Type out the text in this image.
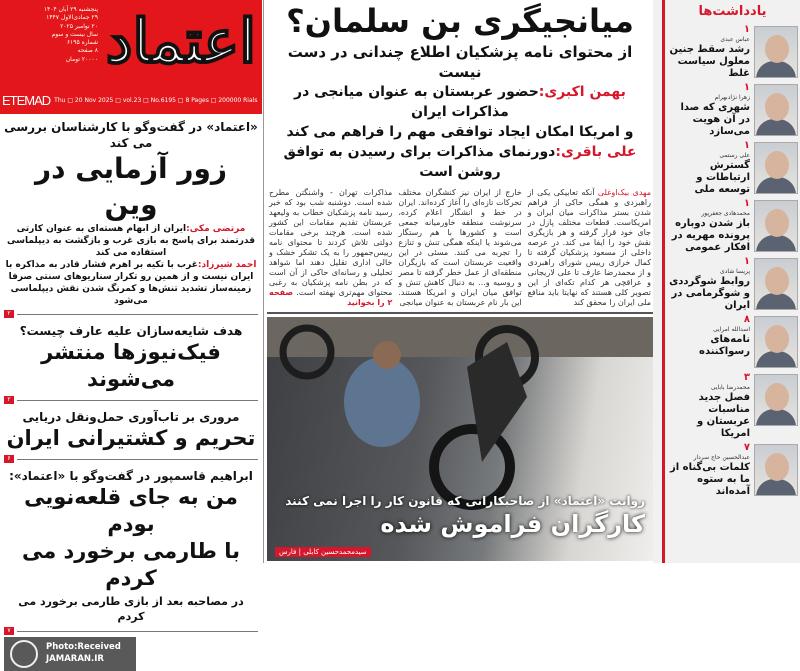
اعتماد
پنجشنبه ۲۹ آبان ۱۴۰۴
۲۹ جمادی‌الاول ۱۴۴۷
۲۰ نوامبر ۲۰۲۵
سال بیست و سوم
شماره ۶۱۹۵
۸ صفحه
۲۰۰۰۰ تومان
ETEMAD Thu □ 20 Nov 2025 □ vol.23 □ No.6195 □ 8 Pages □ 200000 Rials
«اعتماد» در گفت‌وگو با کارشناسان بررسی می کند
زور آزمایی در وین
مرتضی مکی:ایران از ابهام هسته‌ای به عنوان کارتی قدرتمند برای پاسخ به بازی غرب و بازگشت به دیپلماسی استفاده می کند
احمد شیرزاد:غرب با تکیه بر اهرم فشار قادر به مذاکره با ایران نیست و از همین رو تکرار سناریوهای سنتی صرفا زمینه‌ساز تشدید تنش‌ها و کمرنگ شدن نقش دیپلماسی می‌شود
۲
هدف شایعه‌سازان علیه عارف چیست؟
فیک‌نیوزها منتشر می‌شوند
۲
مروری بر تاب‌آوری حمل‌ونقل دریایی
تحریم و کشتیرانی ایران
۶
ابراهیم قاسمپور در گفت‌وگو با «اعتماد»:
من به جای قلعه‌نویی بودم
با طارمی برخورد می کردم
در مصاحبه بعد از بازی طارمی برخورد می کردم
۷
Photo:Received
JAMARAN.IR
میانجیگری بن سلمان؟
از محتوای نامه پزشکیان اطلاع چندانی در دست نیست
بهمن اکبری:حضور عربستان به عنوان میانجی در مذاکرات ایران
و امریکا امکان ایجاد توافقی مهم را فراهم می کند
علی باقری:دورنمای مذاکرات برای رسیدن به توافق روشن است
مهدی بیک‌اوغلی آنکه تعابیکی یکی از راهبردی و همگی حاکی از فراهم شدن بستر مذاکرات میان ایران و امریکاست. قطعات مختلف پازل در جای خود قرار گرفته و هر بازیگری نقش خود را ایفا می کند. در عرصه داخلی از مسعود پزشکیان گرفته تا کمال خرازی رییس شورای راهبردی و از محمدرضا عارف تا علی لاریجانی و عراقچی هر کدام تکه‌ای از این تصویر کلی هستند که نهایتا باید منافع ملی ایران را محقق کند
خارج از ایران نیز کنشگران مختلف تحرکات تازه‌ای را آغاز کرده‌اند. ایران در خط و انشگار اعلام کرده، سرنوشت منطقه خاورمیانه جمعی است و کشورها با هم رستگار می‌شوند یا اینکه همگی تنش و تنازع را تجربه می کنند. مسئی در این واقعیت عربستان است که بازیگران منطقه‌ای از عمل خطر گرفته تا مصر و روسیه و... به دنبال کاهش تنش و توافق میان ایران و امریکا هستند. این بار نام عربستان به عنوان میانجی
مذاکرات تهران - واشنگتن مطرح شده است. دوشنبه شب بود که خبر رسید نامه پزشکیان خطاب به ولیعهد عربستان تقدیم مقامات این کشور شده است. هرچند برخی مقامات دولتی تلاش کردند تا محتوای نامه رییس‌جمهور را به یک تشکر خشک و خالی اداری تقلیل دهند اما شواهد تحلیلی و رسانه‌ای حاکی از آن است که در بطن نامه پزشکیان به رغبی محتوای مهم‌تری نهفته است. صفحه ۲ را بخوانید
روایت «اعتماد» از صاحبکارانی که قانون کار را اجرا نمی کنند
کارگران فراموش شده
سیدمحمدحسین کابلی | فارس
یادداشت‌ها
۱
عباس عبدی
رشد سقط جنین معلول سیاست غلط
۱
زهرا نژادبهرام
شهری که صدا در آن هویت می‌سازد
۱
علی رستمی
گسترش ارتباطات و توسعه ملی
۱
محمدهادی جعفرپور
باز شدن دوباره پرونده مهریه در افکار عمومی
۱
پریسا شادی
روابط شوگرددی و شوگرمامی در ایران
۸
اسدالله امرایی
نامه‌های رسواکننده
۳
محمدرضا بابایی
فصل جدید مناسبات عربستان و امریکا
۷
عبدالحسین حاج سردار
کلمات بی‌گناه از ما به ستوه آمده‌اند
